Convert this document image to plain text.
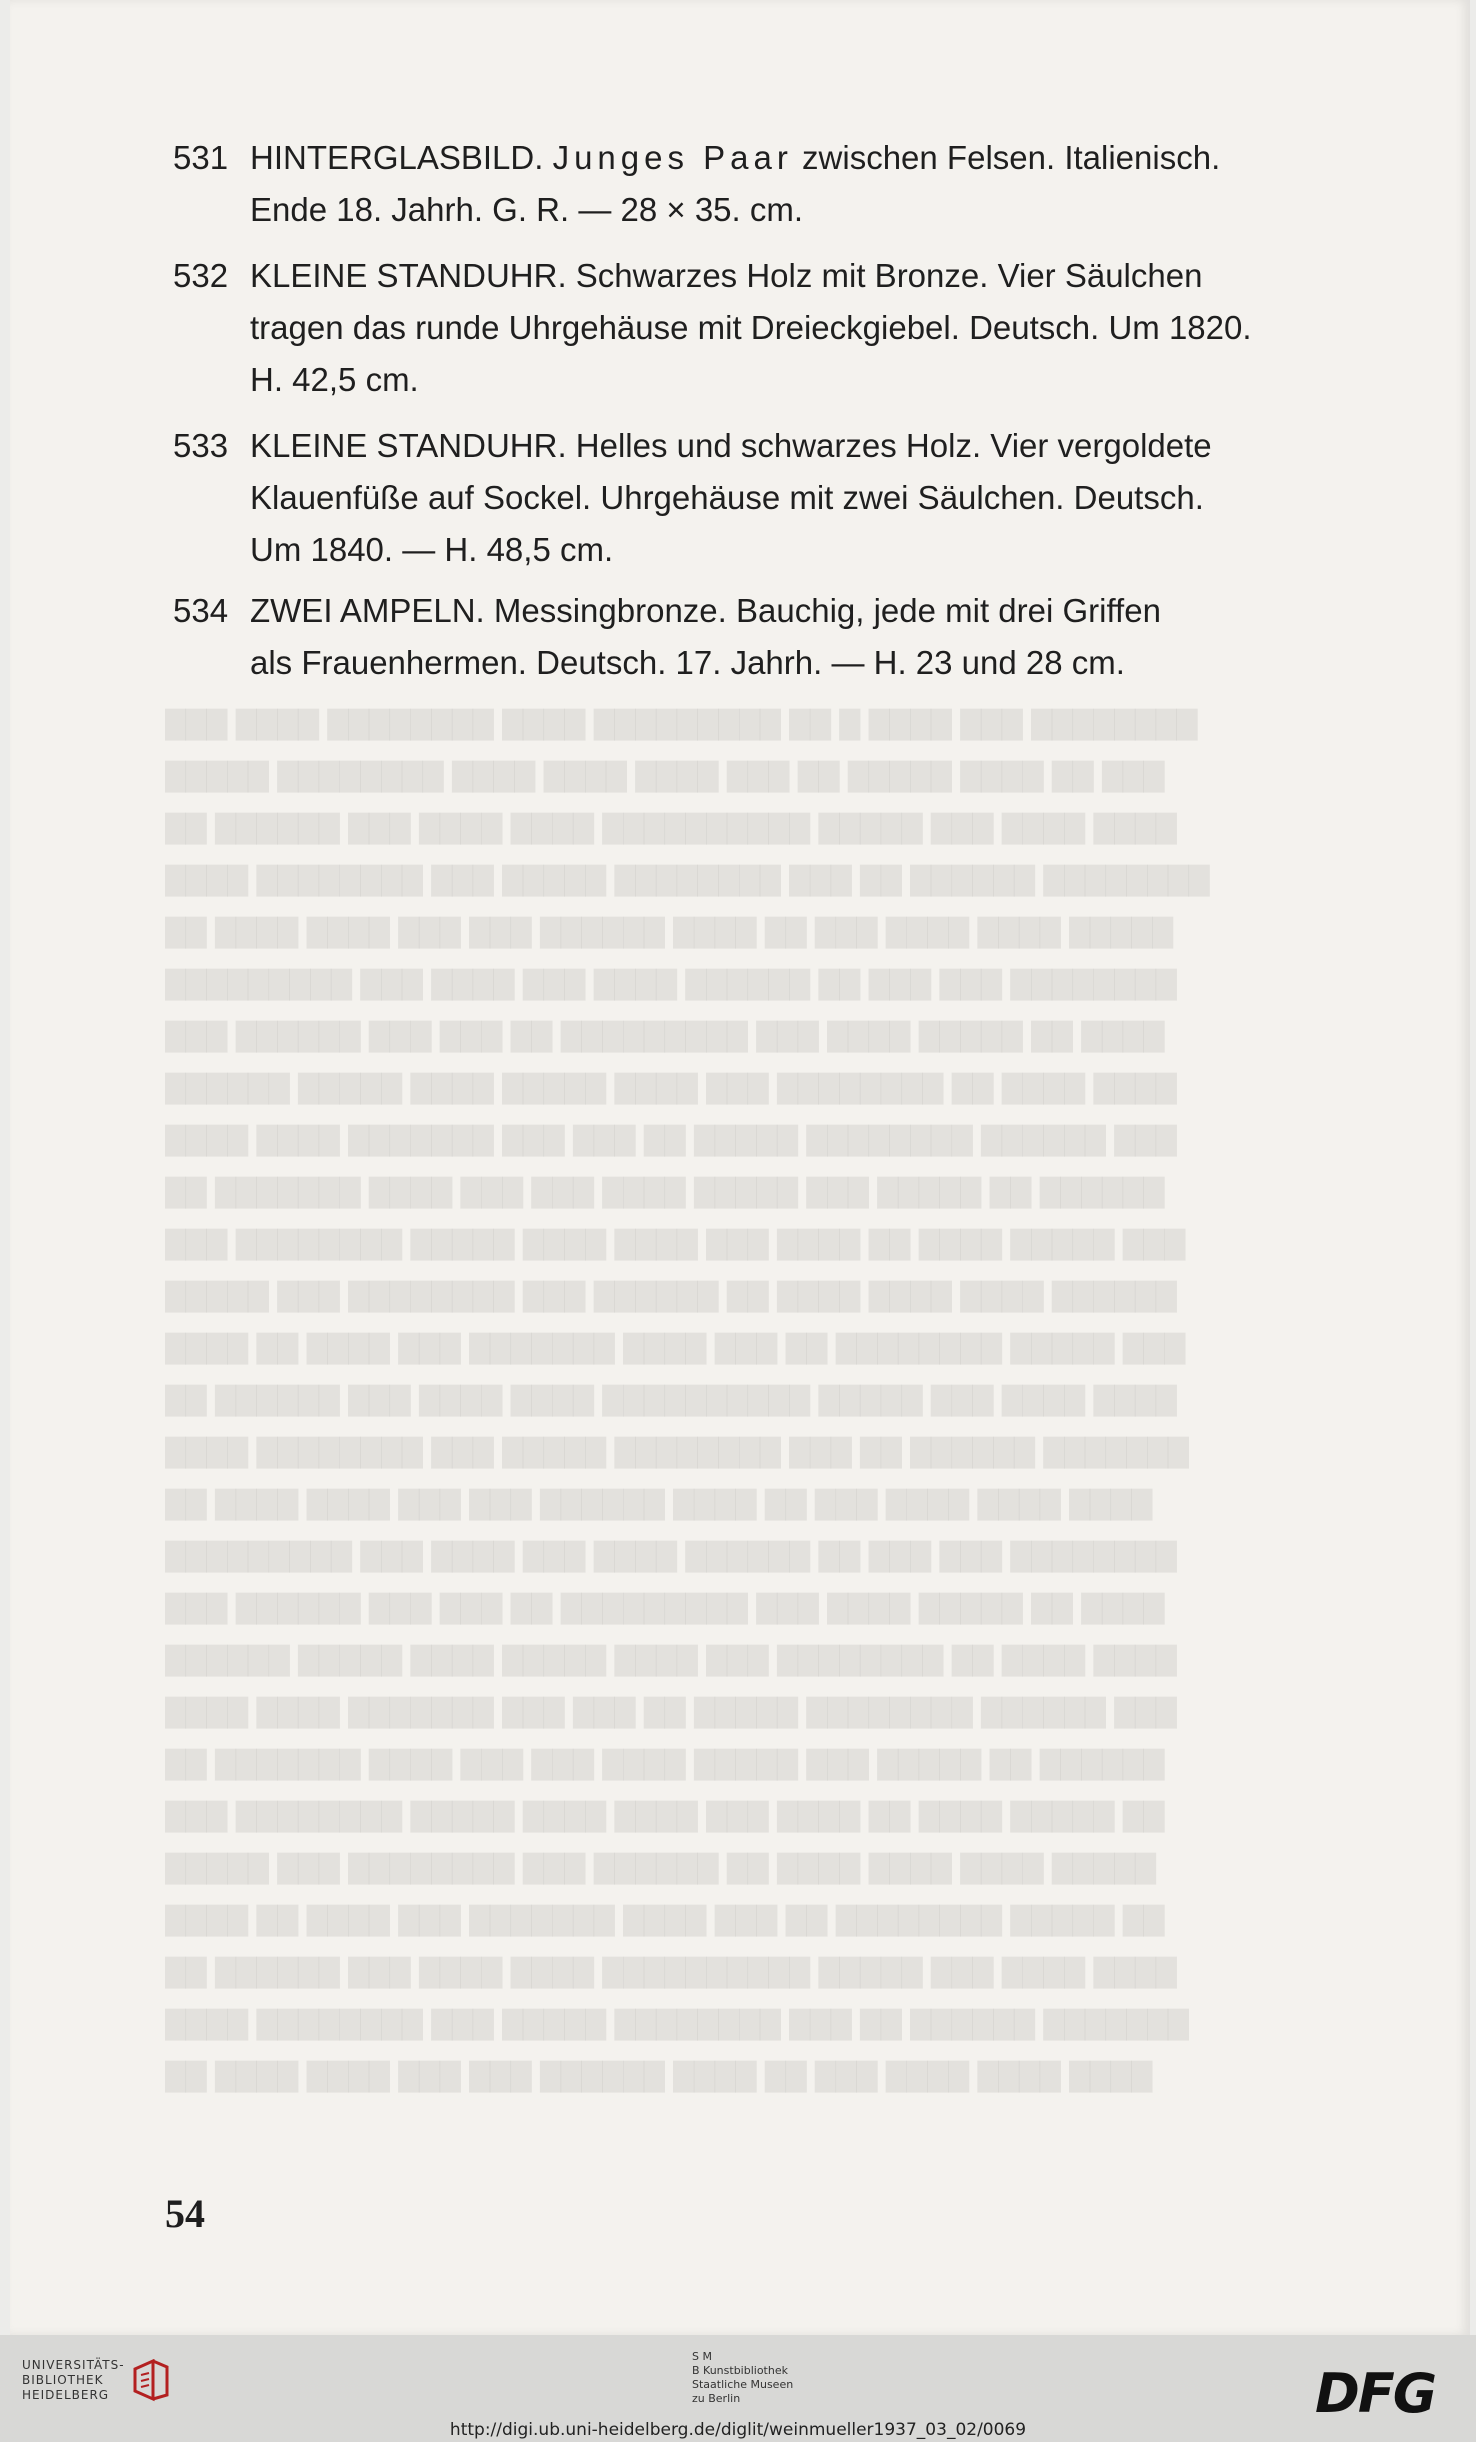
███ ████ ████████ ████ █████████ ██ █ ████ ███ ████████
█████ ████████ ████ ████ ████ ███ ██ █████ ████ ██ ███
██ ██████ ███ ████ ████ ██████████ █████ ███ ████ ████
████ ████████ ███ █████ ████████ ███ ██ ██████ ████████
██ ████ ████ ███ ███ ██████ ████ ██ ███ ████ ████ █████
█████████ ███ ████ ███ ████ ██████ ██ ███ ███ ████████
███ ██████ ███ ███ ██ █████████ ███ ████ █████ ██ ████
██████ █████ ████ █████ ████ ███ ████████ ██ ████ ████
████ ████ ███████ ███ ███ ██ █████ ████████ ██████ ███
██ ███████ ████ ███ ███ ████ █████ ███ █████ ██ ██████
███ ████████ █████ ████ ████ ███ ████ ██ ████ █████ ███
█████ ███ ████████ ███ ██████ ██ ████ ████ ████ ██████
████ ██ ████ ███ ███████ ████ ███ ██ ████████ █████ ███
██ ██████ ███ ████ ████ ██████████ █████ ███ ████ ████
████ ████████ ███ █████ ████████ ███ ██ ██████ ███████
██ ████ ████ ███ ███ ██████ ████ ██ ███ ████ ████ ████
█████████ ███ ████ ███ ████ ██████ ██ ███ ███ ████████
███ ██████ ███ ███ ██ █████████ ███ ████ █████ ██ ████
██████ █████ ████ █████ ████ ███ ████████ ██ ████ ████
████ ████ ███████ ███ ███ ██ █████ ████████ ██████ ███
██ ███████ ████ ███ ███ ████ █████ ███ █████ ██ ██████
███ ████████ █████ ████ ████ ███ ████ ██ ████ █████ ██
█████ ███ ████████ ███ ██████ ██ ████ ████ ████ █████
████ ██ ████ ███ ███████ ████ ███ ██ ████████ █████ ██
██ ██████ ███ ████ ████ ██████████ █████ ███ ████ ████
████ ████████ ███ █████ ████████ ███ ██ ██████ ███████
██ ████ ████ ███ ███ ██████ ████ ██ ███ ████ ████ ████
531 HINTERGLASBILD. Junges Paar zwischen Felsen. Italienisch.
Ende 18. Jahrh. G. R. — 28 × 35. cm.
532 KLEINE STANDUHR. Schwarzes Holz mit Bronze. Vier Säulchen
tragen das runde Uhrgehäuse mit Dreieckgiebel. Deutsch. Um 1820.
H. 42,5 cm.
533 KLEINE STANDUHR. Helles und schwarzes Holz. Vier vergoldete
Klauenfüße auf Sockel. Uhrgehäuse mit zwei Säulchen. Deutsch.
Um 1840. — H. 48,5 cm.
534 ZWEI AMPELN. Messingbronze. Bauchig, jede mit drei Griffen
als Frauenhermen. Deutsch. 17. Jahrh. — H. 23 und 28 cm.
54
UNIVERSITÄTS-
BIBLIOTHEK
HEIDELBERG
S M
B Kunstbibliothek
Staatliche Museen
zu Berlin	DFG
http://digi.ub.uni-heidelberg.de/diglit/weinmueller1937_03_02/0069
